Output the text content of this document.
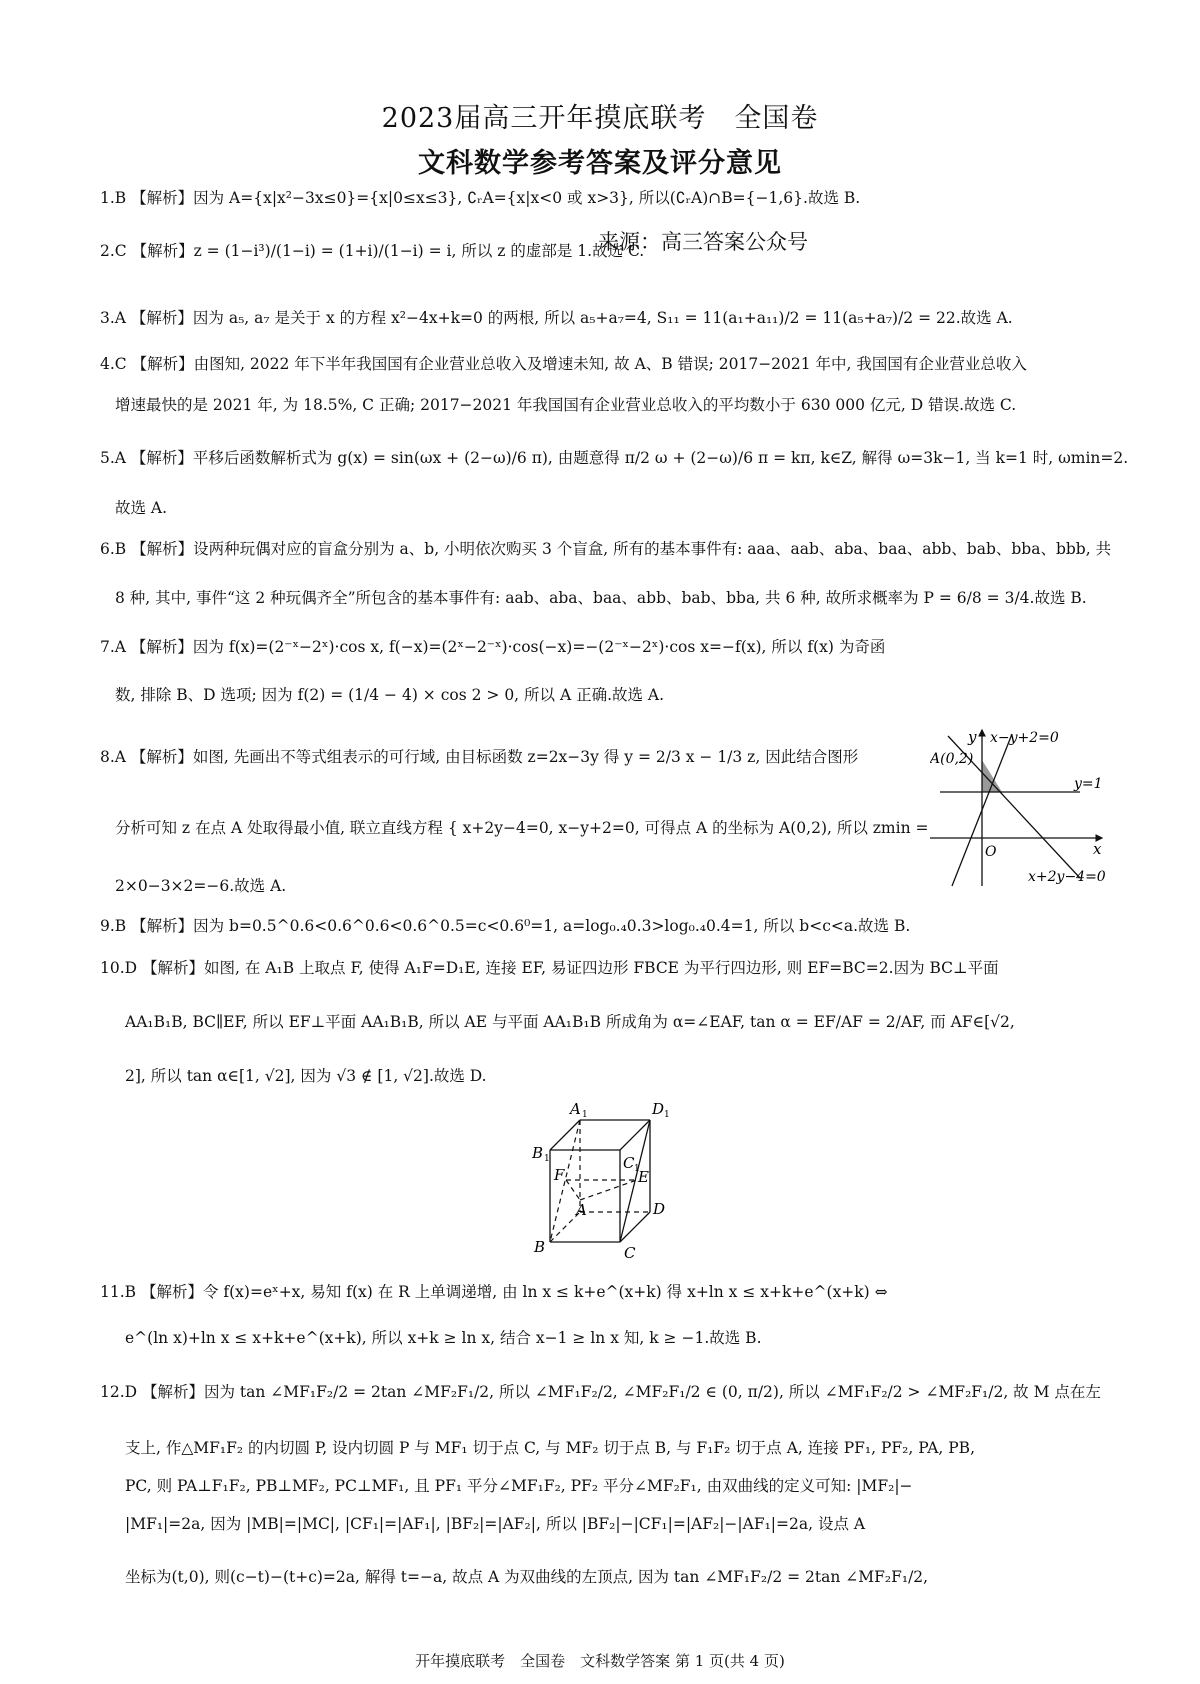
2023届高三开年摸底联考　全国卷
文科数学参考答案及评分意见
来源：高三答案公众号
1.B 【解析】因为 A={x|x²−3x≤0}={x|0≤x≤3}, ∁ᵣA={x|x<0 或 x>3}, 所以(∁ᵣA)∩B={−1,6}.故选 B.
2.C 【解析】z = (1−i³)/(1−i) = (1+i)/(1−i) = i, 所以 z 的虚部是 1.故选 C.
3.A 【解析】因为 a₅, a₇ 是关于 x 的方程 x²−4x+k=0 的两根, 所以 a₅+a₇=4, S₁₁ = 11(a₁+a₁₁)/2 = 11(a₅+a₇)/2 = 22.故选 A.
4.C 【解析】由图知, 2022 年下半年我国国有企业营业总收入及增速未知, 故 A、B 错误; 2017−2021 年中, 我国国有企业营业总收入
增速最快的是 2021 年, 为 18.5%, C 正确; 2017−2021 年我国国有企业营业总收入的平均数小于 630 000 亿元, D 错误.故选 C.
5.A 【解析】平移后函数解析式为 g(x) = sin(ωx + (2−ω)/6 π), 由题意得 π/2 ω + (2−ω)/6 π = kπ, k∈Z, 解得 ω=3k−1, 当 k=1 时, ωmin=2.
故选 A.
6.B 【解析】设两种玩偶对应的盲盒分别为 a、b, 小明依次购买 3 个盲盒, 所有的基本事件有: aaa、aab、aba、baa、abb、bab、bba、bbb, 共
8 种, 其中, 事件“这 2 种玩偶齐全”所包含的基本事件有: aab、aba、baa、abb、bab、bba, 共 6 种, 故所求概率为 P = 6/8 = 3/4.故选 B.
7.A 【解析】因为 f(x)=(2⁻ˣ−2ˣ)·cos x, f(−x)=(2ˣ−2⁻ˣ)·cos(−x)=−(2⁻ˣ−2ˣ)·cos x=−f(x), 所以 f(x) 为奇函
数, 排除 B、D 选项; 因为 f(2) = (1/4 − 4) × cos 2 > 0, 所以 A 正确.故选 A.
8.A 【解析】如图, 先画出不等式组表示的可行域, 由目标函数 z=2x−3y 得 y = 2/3 x − 1/3 z, 因此结合图形
分析可知 z 在点 A 处取得最小值, 联立直线方程 { x+2y−4=0, x−y+2=0, 可得点 A 的坐标为 A(0,2), 所以 zmin =
2×0−3×2=−6.故选 A.
9.B 【解析】因为 b=0.5^0.6<0.6^0.6<0.6^0.5=c<0.6⁰=1, a=log₀.₄0.3>log₀.₄0.4=1, 所以 b<c<a.故选 B.
10.D 【解析】如图, 在 A₁B 上取点 F, 使得 A₁F=D₁E, 连接 EF, 易证四边形 FBCE 为平行四边形, 则 EF=BC=2.因为 BC⊥平面
AA₁B₁B, BC∥EF, 所以 EF⊥平面 AA₁B₁B, 所以 AE 与平面 AA₁B₁B 所成角为 α=∠EAF, tan α = EF/AF = 2/AF, 而 AF∈[√2,
2], 所以 tan α∈[1, √2], 因为 √3 ∉ [1, √2].故选 D.
11.B 【解析】令 f(x)=eˣ+x, 易知 f(x) 在 R 上单调递增, 由 ln x ≤ k+e^(x+k) 得 x+ln x ≤ x+k+e^(x+k) ⇔
e^(ln x)+ln x ≤ x+k+e^(x+k), 所以 x+k ≥ ln x, 结合 x−1 ≥ ln x 知, k ≥ −1.故选 B.
12.D 【解析】因为 tan ∠MF₁F₂/2 = 2tan ∠MF₂F₁/2, 所以 ∠MF₁F₂/2, ∠MF₂F₁/2 ∈ (0, π/2), 所以 ∠MF₁F₂/2 > ∠MF₂F₁/2, 故 M 点在左
支上, 作△MF₁F₂ 的内切圆 P, 设内切圆 P 与 MF₁ 切于点 C, 与 MF₂ 切于点 B, 与 F₁F₂ 切于点 A, 连接 PF₁, PF₂, PA, PB,
PC, 则 PA⊥F₁F₂, PB⊥MF₂, PC⊥MF₁, 且 PF₁ 平分∠MF₁F₂, PF₂ 平分∠MF₂F₁, 由双曲线的定义可知: |MF₂|−
|MF₁|=2a, 因为 |MB|=|MC|, |CF₁|=|AF₁|, |BF₂|=|AF₂|, 所以 |BF₂|−|CF₁|=|AF₂|−|AF₁|=2a, 设点 A
坐标为(t,0), 则(c−t)−(t+c)=2a, 解得 t=−a, 故点 A 为双曲线的左顶点, 因为 tan ∠MF₁F₂/2 = 2tan ∠MF₂F₁/2,
y
x
O
x−y+2=0
y=1
x+2y−4=0
A(0,2)
A 1	D 1
B 1	C 1
F	E
A	D
B	C
开年摸底联考　全国卷　文科数学答案 第 1 页(共 4 页)
